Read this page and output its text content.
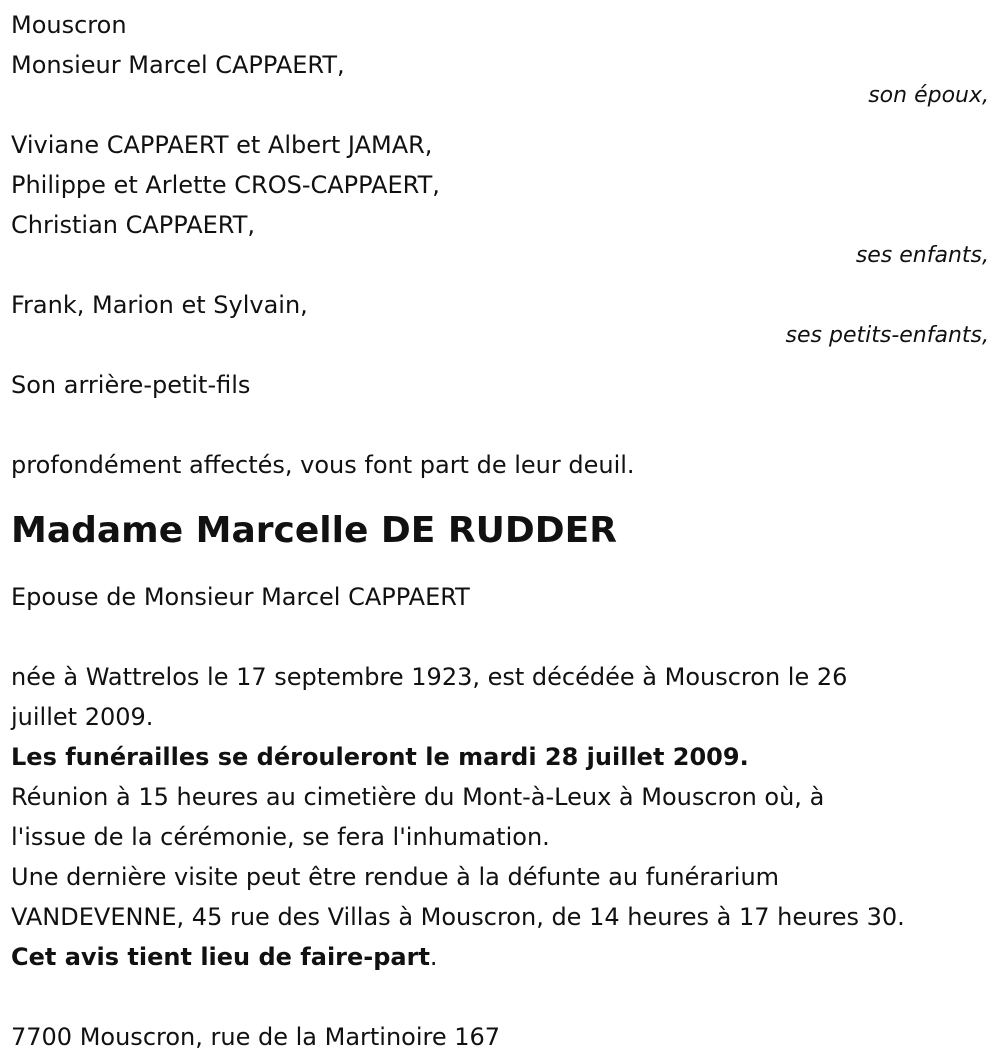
Mouscron
Monsieur Marcel CAPPAERT,
son époux,
Viviane CAPPAERT et Albert JAMAR,
Philippe et Arlette CROS-CAPPAERT,
Christian CAPPAERT,
ses enfants,
Frank, Marion et Sylvain,
ses petits-enfants,
Son arrière-petit-fils
profondément affectés, vous font part de leur deuil.
Madame Marcelle DE RUDDER
Epouse de Monsieur Marcel CAPPAERT
née à Wattrelos le 17 septembre 1923, est décédée à Mouscron le 26
juillet 2009.
Les funérailles se dérouleront le mardi 28 juillet 2009.
Réunion à 15 heures au cimetière du Mont-à-Leux à Mouscron où, à
l'issue de la cérémonie, se fera l'inhumation.
Une dernière visite peut être rendue à la défunte au funérarium
VANDEVENNE, 45 rue des Villas à Mouscron, de 14 heures à 17 heures 30.
Cet avis tient lieu de faire-part.
7700 Mouscron, rue de la Martinoire 167
